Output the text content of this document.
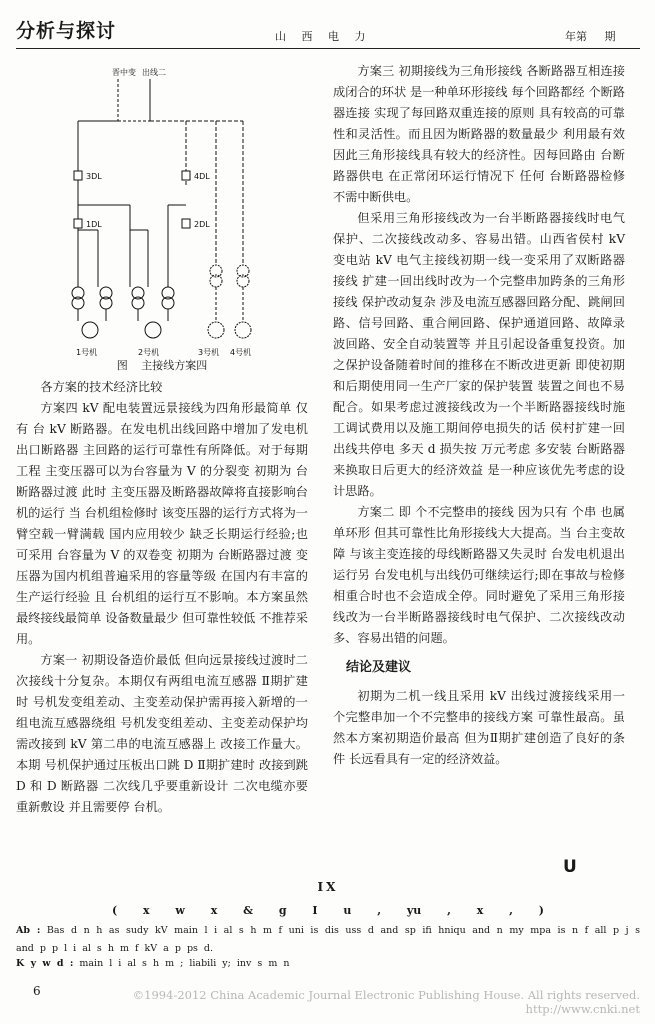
分析与探讨	山 西 电 力	年第 期
晋中变 出线二
3DL	4DL
1DL	2DL
1号机	2号机	3号机 4号机
图 主接线方案四

各方案的技术经济比较

方案四 kV 配电装置远景接线为四角形最简单 仅有 台 kV 断路器。在发电机出线回路中增加了发电机出口断路器 主回路的运行可靠性有所降低。对于每期工程 主变压器可以为台容量为 V 的分裂变 初期为 台断路器过渡 此时 主变压器及断路器故障将直接影响台机的运行 当 台机组检修时 该变压器的运行方式将为一臂空载一臂满载 国内应用较少 缺乏长期运行经验;也可采用 台容量为 V 的双卷变 初期为 台断路器过渡 变压器为国内机组普遍采用的容量等级 在国内有丰富的生产运行经验 且 台机组的运行互不影响。本方案虽然最终接线最简单 设备数量最少 但可靠性较低 不推荐采用。

方案一 初期设备造价最低 但向远景接线过渡时二次接线十分复杂。本期仅有两组电流互感器 Ⅱ期扩建时 号机发变组差动、主变差动保护需再接入新增的一组电流互感器绕组 号机发变组差动、主变差动保护均需改接到 kV 第二串的电流互感器上 改接工作量大。本期 号机保护通过压板出口跳 D Ⅱ期扩建时 改接到跳 D 和 D 断路器 二次线几乎要重新设计 二次电缆亦要重新敷设 并且需要停 台机。

方案三 初期接线为三角形接线 各断路器互相连接成闭合的环状 是一种单环形接线 每个回路都经 个断路器连接 实现了每回路双重连接的原则 具有较高的可靠性和灵活性。而且因为断路器的数量最少 利用最有效 因此三角形接线具有较大的经济性。因每回路由 台断路器供电 在正常闭环运行情况下 任何 台断路器检修 不需中断供电。

但采用三角形接线改为一台半断路器接线时电气保护、二次接线改动多、容易出错。山西省侯村 kV 变电站 kV 电气主接线初期一线一变采用了双断路器接线 扩建一回出线时改为一个完整串加跨条的三角形接线 保护改动复杂 涉及电流互感器回路分配、跳闸回路、信号回路、重合闸回路、保护通道回路、故障录波回路、安全自动装置等 并且引起设备重复投资。加之保护设备随着时间的推移在不断改进更新 即使初期和后期使用同一生产厂家的保护装置 装置之间也不易配合。如果考虑过渡接线改为一个半断路器接线时施工调试费用以及施工期间停电损失的话 侯村扩建一回出线共停电 多天 d 损失按 万元考虑 多安装 台断路器来换取日后更大的经济效益 是一种应该优先考虑的设计思路。

方案二 即 个不完整串的接线 因为只有 个串 也属单环形 但其可靠性比角形接线大大提高。当 台主变故障 与该主变连接的母线断路器又失灵时 台发电机退出运行另 台发电机与出线仍可继续运行;即在事故与检修相重合时也不会造成全停。同时避免了采用三角形接线改为一台半断路器接线时电气保护、二次接线改动多、容易出错的问题。

结论及建议

初期为二机一线且采用 kV 出线过渡接线采用一个完整串加一个不完整串的接线方案 可靠性最高。虽然本方案初期造价最高 但为Ⅱ期扩建创造了良好的条件 长远看具有一定的经济效益。

U
IX
( x w x & g I u , yu , x , )
Ab : Bas d n h as sudy kV main l i al s h m f uni is dis uss d and sp ifi hniqu and n my mpa is n f all p j s and p p l i al s h m f kV a p ps d.
K y w d : main l i al s h m ; liabili y; inv s m n
6	©1994-2012 China Academic Journal Electronic Publishing House. All rights reserved. http://www.cnki.net
